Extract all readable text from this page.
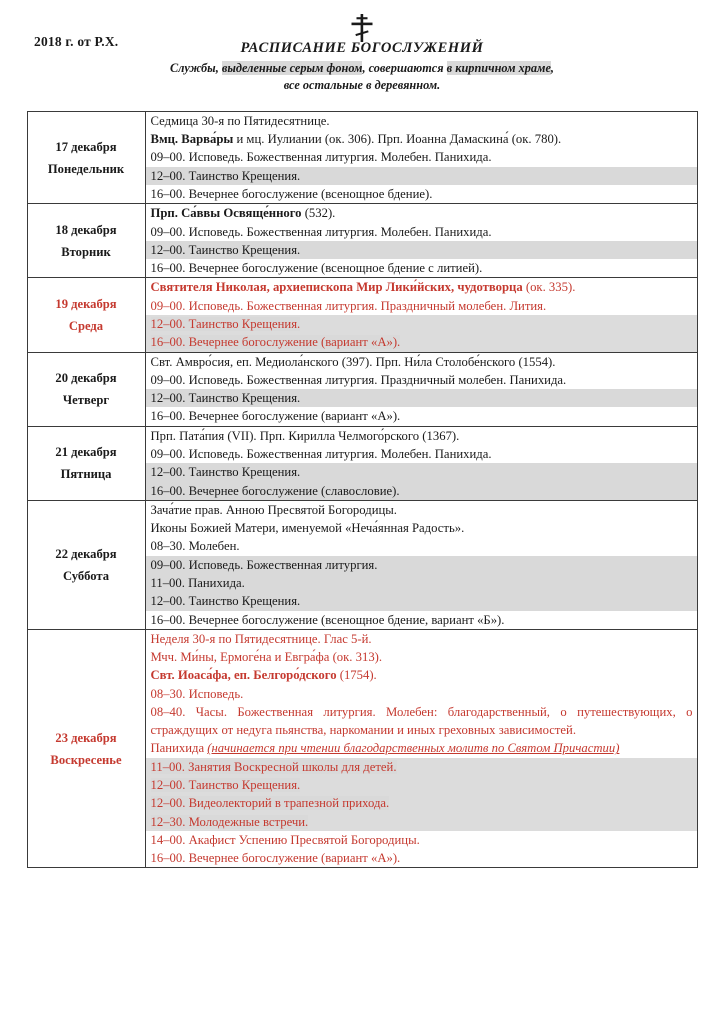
2018 г. от Р.Х.	РАСПИСАНИЕ БОГОСЛУЖЕНИЙ
Службы, выделенные серым фоном, совершаются в кирпичном храме,
все остальные в деревянном.
17 декабря
Понедельник

Седмица 30-я по Пятидесятнице.
Вмц. Варва́ры и мц. Иулиании (ок. 306). Прп. Иоанна Дамаскина́ (ок. 780).
09–00. Исповедь. Божественная литургия. Молебен. Панихида.
12–00. Таинство Крещения.
16–00. Вечернее богослужение (всенощное бдение).

18 декабря
Вторник

Прп. Са́ввы Освяще́нного (532).
09–00. Исповедь. Божественная литургия. Молебен. Панихида.
12–00. Таинство Крещения.
16–00. Вечернее богослужение (всенощное бдение с литией).

19 декабря
Среда

Святителя Николая, архиепископа Мир Лики́йских, чудотворца (ок. 335).
09–00. Исповедь. Божественная литургия. Праздничный молебен. Лития.
12–00. Таинство Крещения.
16–00. Вечернее богослужение (вариант «А»).

20 декабря
Четверг

Свт. Амвро́сия, еп. Медиола́нского (397). Прп. Ни́ла Столобе́нского (1554).
09–00. Исповедь. Божественная литургия. Праздничный молебен. Панихида.
12–00. Таинство Крещения.
16–00. Вечернее богослужение (вариант «А»).

21 декабря
Пятница

Прп. Пата́пия (VII). Прп. Кирилла Челмого́рского (1367).
09–00. Исповедь. Божественная литургия. Молебен. Панихида.
12–00. Таинство Крещения.
16–00. Вечернее богослужение (славословие).

22 декабря
Суббота

Зача́тие прав. Анною Пресвятой Богородицы.
Иконы Божией Матери, именуемой «Неча́янная Радость».
08–30. Молебен.
09–00. Исповедь. Божественная литургия.
11–00. Панихида.
12–00. Таинство Крещения.
16–00. Вечернее богослужение (всенощное бдение, вариант «Б»).

23 декабря
Воскресенье

Неделя 30-я по Пятидесятнице. Глас 5-й.
Мчч. Ми́ны, Ермоге́на и Евгра́фа (ок. 313).
Свт. Иоаса́фа, еп. Белгоро́дского (1754).
08–30. Исповедь.
08–40. Часы. Божественная литургия. Молебен: благодарственный, о путешествующих, о страждущих от недуга пьянства, наркомании и иных греховных зависимостей.
Панихида (начинается при чтении благодарственных молитв по Святом Причастии)
11–00. Занятия Воскресной школы для детей.
12–00. Таинство Крещения.
12–00. Видеолекторий в трапезной прихода.
12–30. Молодежные встречи.
14–00. Акафист Успению Пресвятой Богородицы.
16–00. Вечернее богослужение (вариант «А»).
